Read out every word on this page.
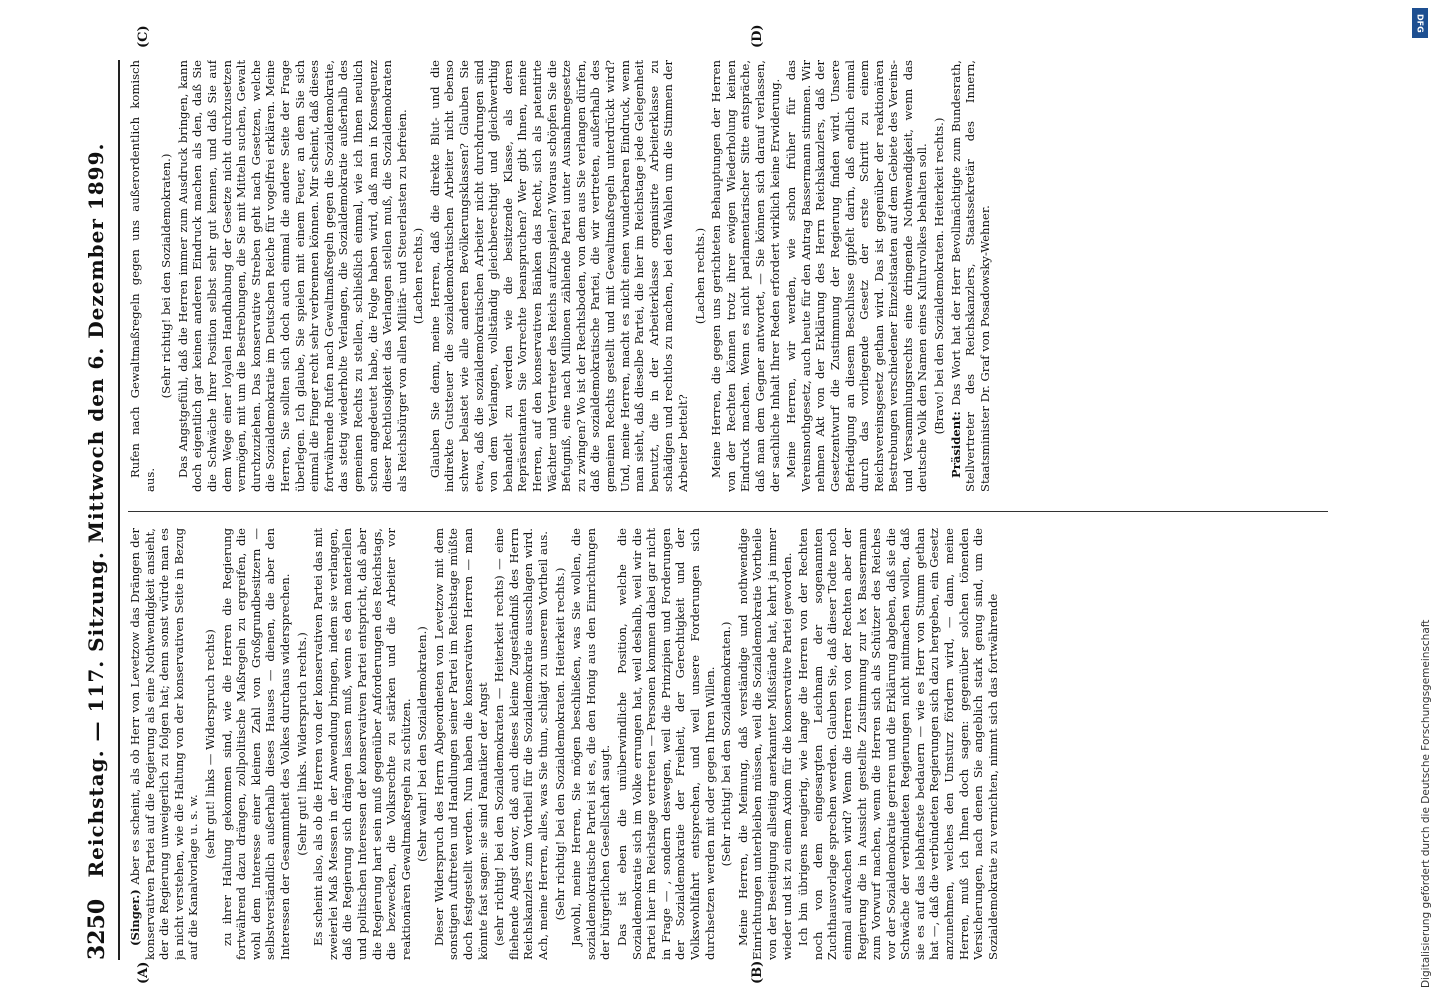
3250
Reichstag. — 117. Sitzung. Mittwoch den 6. Dezember 1899.
(A)	(B)
(C)	(D)

(Singer.) Aber es scheint, als ob Herr von Levetzow das Drängen der konservativen Partei auf die Regierung als eine Nothwendigkeit ansieht, der die Regierung unweigerlich zu folgen hat; denn sonst würde man es ja nicht verstehen, wie die Haltung von der konservativen Seite in Bezug auf die Kanalvorlage u. s. w.

(sehr gut! links — Widerspruch rechts) zu ihrer Haltung gekommen sind, wie die Herren die Regierung fortwährend dazu drängen, zollpolitische Maßregeln zu ergreifen, die wohl dem Interesse einer kleinen Zahl von Großgrundbesitzern — selbstverständlich außerhalb dieses Hauses — dienen, die aber den Interessen der Gesammtheit des Volkes durchaus widersprechen. (Sehr gut! links. Widerspruch rechts.) Es scheint also, als ob die Herren von der konservativen Partei das mit zweierlei Maß Messen in der Anwendung bringen, indem sie verlangen, daß die Regierung sich drängen lassen muß, wenn es den materiellen und politischen Interessen der konservativen Partei entspricht, daß aber die Regierung hart sein muß gegenüber Anforderungen des Reichstags, die bezwecken, die Volksrechte zu stärken und die Arbeiter vor reaktionären Gewaltmaßregeln zu schützen. (Sehr wahr! bei den Sozialdemokraten.) Dieser Widerspruch des Herrn Abgeordneten von Levetzow mit dem sonstigen Auftreten und Handlungen seiner Partei im Reichstage müßte doch festgestellt werden. Nun haben die konservativen Herren — man könnte fast sagen: sie sind Fanatiker der Angst (sehr richtig! bei den Sozialdemokraten — Heiterkeit rechts) — eine fliehende Angst davor, daß auch dieses kleine Zugeständniß des Herrn Reichskanzlers zum Vortheil für die Sozialdemokratie ausschlagen wird. Ach, meine Herren, alles, was Sie thun, schlägt zu unserem Vortheil aus. (Sehr richtig! bei den Sozialdemokraten. Heiterkeit rechts.) Jawohl, meine Herren, Sie mögen beschließen, was Sie wollen, die sozialdemokratische Partei ist es, die den Honig aus den Einrichtungen der bürgerlichen Gesellschaft saugt. Das ist eben die unüberwindliche Position, welche die Sozialdemokratie sich im Volke errungen hat, weil deshalb, weil wir die Partei hier im Reichstage vertreten — Personen kommen dabei gar nicht in Frage — , sondern deswegen, weil die Prinzipien und Forderungen der Sozialdemokratie der Freiheit, der Gerechtigkeit und der Volkswohlfahrt entsprechen, und weil unsere Forderungen sich durchsetzen werden mit oder gegen Ihren Willen. (Sehr richtig! bei den Sozialdemokraten.) Meine Herren, die Meinung, daß verständige und nothwendige Einrichtungen unterbleiben müssen, weil die Sozialdemokratie Vortheile von der Beseitigung allseitig anerkannter Mißstände hat, kehrt ja immer wieder und ist zu einem Axiom für die konservative Partei geworden. Ich bin übrigens neugierig, wie lange die Herren von der Rechten noch von dem eingesargten Leichnam der sogenannten Zuchthausvorlage sprechen werden. Glauben Sie, daß dieser Todte noch einmal aufwachen wird? Wenn die Herren von der Rechten aber der Regierung die in Aussicht gestellte Zustimmung zur lex Bassermann zum Vorwurf machen, wenn die Herren sich als Schützer des Reiches vor der Sozialdemokratie geriren und die Erklärung abgeben, daß sie die Schwäche der verbündeten Regierungen nicht mitmachen wollen, daß sie es auf das lebhafteste bedauern — wie es Herr von Stumm gethan hat —, daß die verbündeten Regierungen sich dazu hergeben, ein Gesetz anzunehmen, welches den Umsturz fördern wird, — dann, meine Herren, muß ich Ihnen doch sagen: gegenüber solchen tönenden Versicherungen, nach denen Sie angeblich stark genug sind, um die Sozialdemokratie zu vernichten, nimmt sich das fortwährende

Rufen nach Gewaltmaßregeln gegen uns außerordentlich komisch aus.

(Sehr richtig! bei den Sozialdemokraten.) Das Angstgefühl, daß die Herren immer zum Ausdruck bringen, kann doch eigentlich gar keinen anderen Eindruck machen als den, daß Sie die Schwäche Ihrer Position selbst sehr gut kennen, und daß Sie auf dem Wege einer loyalen Handhabung der Gesetze nicht durchzusetzen vermögen, mit um die Bestrebungen, die Sie mit Mitteln suchen, Gewalt durchzuziehen. Das konservative Streben geht nach Gesetzen, welche die Sozialdemokratie im Deutschen Reiche für vogelfrei erklären. Meine Herren, Sie sollten sich doch auch einmal die andere Seite der Frage überlegen. Ich glaube, Sie spielen mit einem Feuer, an dem Sie sich einmal die Finger recht sehr verbrennen können. Mir scheint, daß dieses fortwährende Rufen nach Gewaltmaßregeln gegen die Sozialdemokratie, das stetig wiederholte Verlangen, die Sozialdemokratie außerhalb des gemeinen Rechts zu stellen, schließlich einmal, wie ich Ihnen neulich schon angedeutet habe, die Folge haben wird, daß man in Konsequenz dieser Rechtlosigkeit das Verlangen stellen muß, die Sozialdemokraten als Reichsbürger von allen Militär- und Steuerlasten zu befreien. (Lachen rechts.) Glauben Sie denn, meine Herren, daß die direkte Blut- und die indirekte Gutsteuer die sozialdemokratischen Arbeiter nicht ebenso schwer belastet wie alle anderen Bevölkerungsklassen? Glauben Sie etwa, daß die sozialdemokratischen Arbeiter nicht durchdrungen sind von dem Verlangen, vollständig gleichberechtigt und gleichwerthig behandelt zu werden wie die besitzende Klasse, als deren Repräsentanten Sie Vorrechte beanspruchen? Wer gibt Ihnen, meine Herren, auf den konservativen Bänken das Recht, sich als patentirte Wächter und Vertreter des Reichs aufzuspielen? Woraus schöpfen Sie die Befugniß, eine nach Millionen zählende Partei unter Ausnahmegesetze zu zwingen? Wo ist der Rechtsboden, von dem aus Sie verlangen dürfen, daß die sozialdemokratische Partei, die wir vertreten, außerhalb des gemeinen Rechts gestellt und mit Gewaltmaßregeln unterdrückt wird? Und, meine Herren, macht es nicht einen wunderbaren Eindruck, wenn man sieht, daß dieselbe Partei, die hier im Reichstage jede Gelegenheit benutzt, die in der Arbeiterklasse organisirte Arbeiterklasse zu schädigen und rechtlos zu machen, bei den Wahlen um die Stimmen der Arbeiter bettelt?

(Lachen rechts.) Meine Herren, die gegen uns gerichteten Behauptungen der Herren von der Rechten können trotz ihrer ewigen Wiederholung keinen Eindruck machen. Wenn es nicht parlamentarischer Sitte entspräche, daß man dem Gegner antwortet, — Sie können sich darauf verlassen, der sachliche Inhalt Ihrer Reden erfordert wirklich keine Erwiderung. Meine Herren, wir werden, wie schon früher für das Vereinsnothgesetz, auch heute für den Antrag Bassermann stimmen. Wir nehmen Akt von der Erklärung des Herrn Reichskanzlers, daß der Gesetzentwurf die Zustimmung der Regierung finden wird. Unsere Befriedigung an diesem Beschlusse gipfelt darin, daß endlich einmal durch das vorliegende Gesetz der erste Schritt zu einem Reichsvereinsgesetz gethan wird. Das ist gegenüber der reaktionären Bestrebungen verschiedener Einzelstaaten auf dem Gebiete des Vereins- und Versammlungsrechts eine dringende Nothwendigkeit, wenn das deutsche Volk den Namen eines Kulturvolkes behalten soll. (Bravo! bei den Sozialdemokraten. Heiterkeit rechts.)

Präsident: Das Wort hat der Herr Bevollmächtigte zum Bundesrath, Stellvertreter des Reichskanzlers, Staatssekretär des Innern, Staatsminister Dr. Graf von Posadowsky-Wehner.

DFG
Digitalisierung gefördert durch die Deutsche Forschungsgemeinschaft
